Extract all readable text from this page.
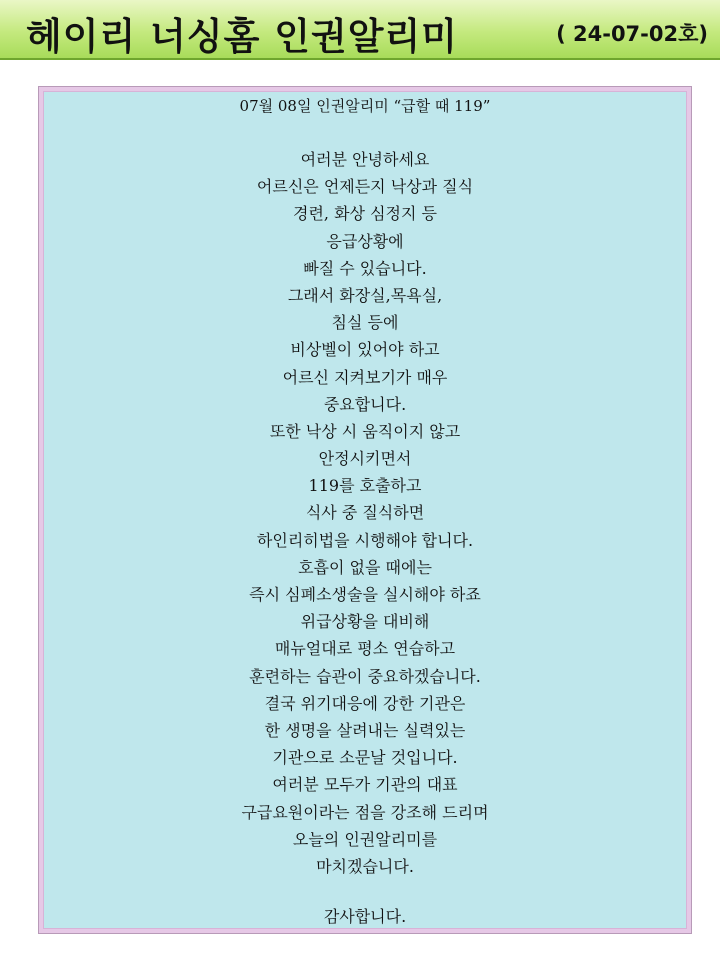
헤이리 너싱홈 인권알리미	( 24-07-02호)
07월 08일 인권알리미 “급할 때 119”
여러분 안녕하세요
어르신은 언제든지 낙상과 질식
경련, 화상 심정지 등
응급상황에
빠질 수 있습니다.
그래서 화장실,목욕실,
침실 등에
비상벨이 있어야 하고
어르신 지켜보기가 매우
중요합니다.
또한 낙상 시 움직이지 않고
안정시키면서
119를 호출하고
식사 중 질식하면
하인리히법을 시행해야 합니다.
호흡이 없을 때에는
즉시 심폐소생술을 실시해야 하죠
위급상황을 대비해
매뉴얼대로 평소 연습하고
훈련하는 습관이 중요하겠습니다.
결국 위기대응에 강한 기관은
한 생명을 살려내는 실력있는
기관으로 소문날 것입니다.
여러분 모두가 기관의 대표
구급요원이라는 점을 강조해 드리며
오늘의 인권알리미를
마치겠습니다.
감사합니다.
